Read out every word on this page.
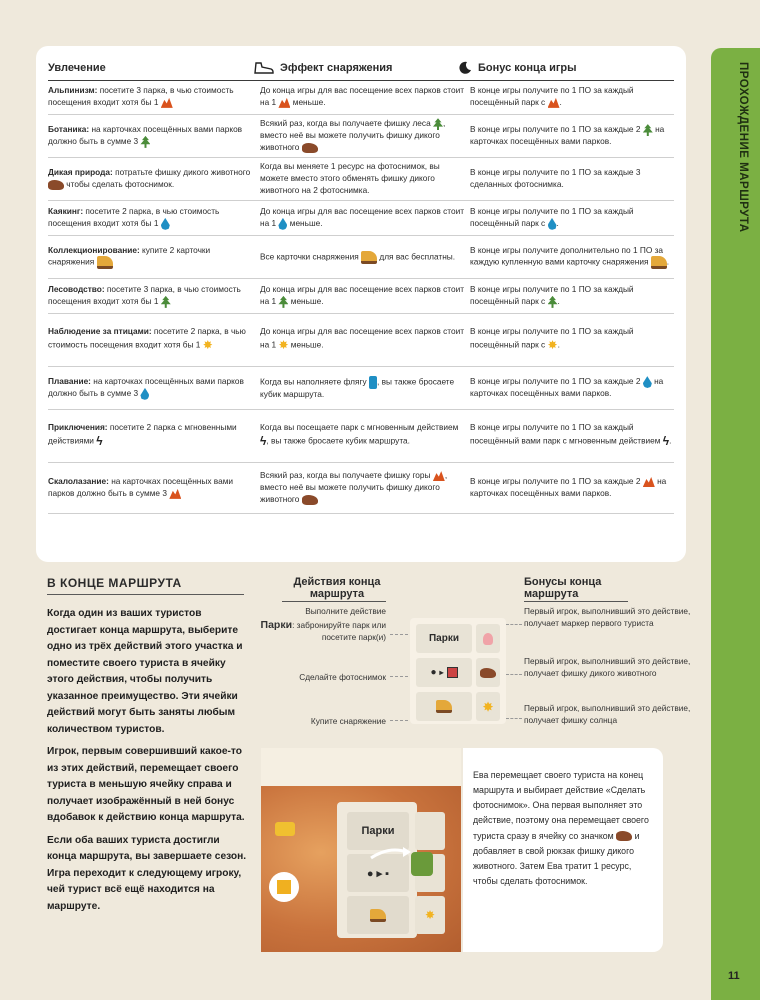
ПРОХОЖДЕНИЕ МАРШРУТА
11
Увлечение	Эффект снаряжения	Бонус конца игры
Альпинизм: посетите 3 парка, в чью стоимость посещения входит хотя бы 1
До конца игры для вас посещение всех парков стоит на 1  меньше.
В конце игры получите по 1 ПО за каждый посещённый парк с .
Ботаника: на карточках посещённых вами парков должно быть в сумме 3
Всякий раз, когда вы получаете фишку леса , вместо неё вы можете получить фишку дикого животного
В конце игры получите по 1 ПО за каждые 2  на карточках посещённых вами парков.
Дикая природа: потратьте фишку дикого животного  чтобы сделать фотоснимок.
Когда вы меняете 1 ресурс на фотоснимок, вы можете вместо этого обменять фишку дикого животного на 2 фотоснимка.
В конце игры получите по 1 ПО за каждые 3 сделанных фотоснимка.
Каякинг: посетите 2 парка, в чью стоимость посещения входит хотя бы 1
До конца игры для вас посещение всех парков стоит на 1  меньше.
В конце игры получите по 1 ПО за каждый посещённый парк с .
Коллекционирование: купите 2 карточки снаряжения
Все карточки снаряжения  для вас бесплатны.
В конце игры получите дополнительно по 1 ПО за каждую купленную вами карточку снаряжения .
Лесоводство: посетите 3 парка, в чью стоимость посещения входит хотя бы 1
До конца игры для вас посещение всех парков стоит на 1  меньше.
В конце игры получите по 1 ПО за каждый посещённый парк с .
Наблюдение за птицами: посетите 2 парка, в чью стоимость посещения входит хотя бы 1 ✸
До конца игры для вас посещение всех парков стоит на 1 ✸ меньше.
В конце игры получите по 1 ПО за каждый посещённый парк с ✸.
Плавание: на карточках посещённых вами парков должно быть в сумме 3
Когда вы наполняете флягу , вы также бросаете кубик маршрута.
В конце игры получите по 1 ПО за каждые 2  на карточках посещённых вами парков.
Приключения: посетите 2 парка с мгновенными действиями ϟ
Когда вы посещаете парк с мгновенным действием ϟ, вы также бросаете кубик маршрута.
В конце игры получите по 1 ПО за каждый посещённый вами парк с мгновенным действием ϟ.
Скалолазание: на карточках посещённых вами парков должно быть в сумме 3
Всякий раз, когда вы получаете фишку горы , вместо неё вы можете получить фишку дикого животного
В конце игры получите по 1 ПО за каждые 2  на карточках посещённых вами парков.
В КОНЦЕ МАРШРУТА

Когда один из ваших туристов достигает конца маршрута, выберите одно из трёх действий этого участка и поместите своего туриста в ячейку этого действия, чтобы получить указанное преимущество. Эти ячейки действий могут быть заняты любым количеством туристов.

Игрок, первым совершивший какое-то из этих действий, перемещает своего туриста в меньшую ячейку справа и получает изображённый в ней бонус вдобавок к действию конца маршрута.

Если оба ваших туриста достигли конца маршрута, вы завершаете сезон. Игра переходит к следующему игроку, чей турист всё ещё находится на маршруте.

Действия конца маршрута
Бонусы конца маршрута
Выполните действие
Парки: забронируйте парк или посетите парк(и)
Сделайте фотоснимок
Купите снаряжение
Парки
● ▸
✸
Первый игрок, выполнивший это действие, получает маркер первого туриста
Первый игрок, выполнивший это действие, получает фишку дикого животного
Первый игрок, выполнивший это действие, получает фишку солнца
Парки
● ▸ ▪
✸
Ева перемещает своего туриста на конец маршрута и выбирает действие «Сделать фотоснимок». Она первая выполняет это действие, поэтому она перемещает своего туриста сразу в ячейку со значком  и добавляет в свой рюкзак фишку дикого животного. Затем Ева тратит 1 ресурс, чтобы сделать фотоснимок.
